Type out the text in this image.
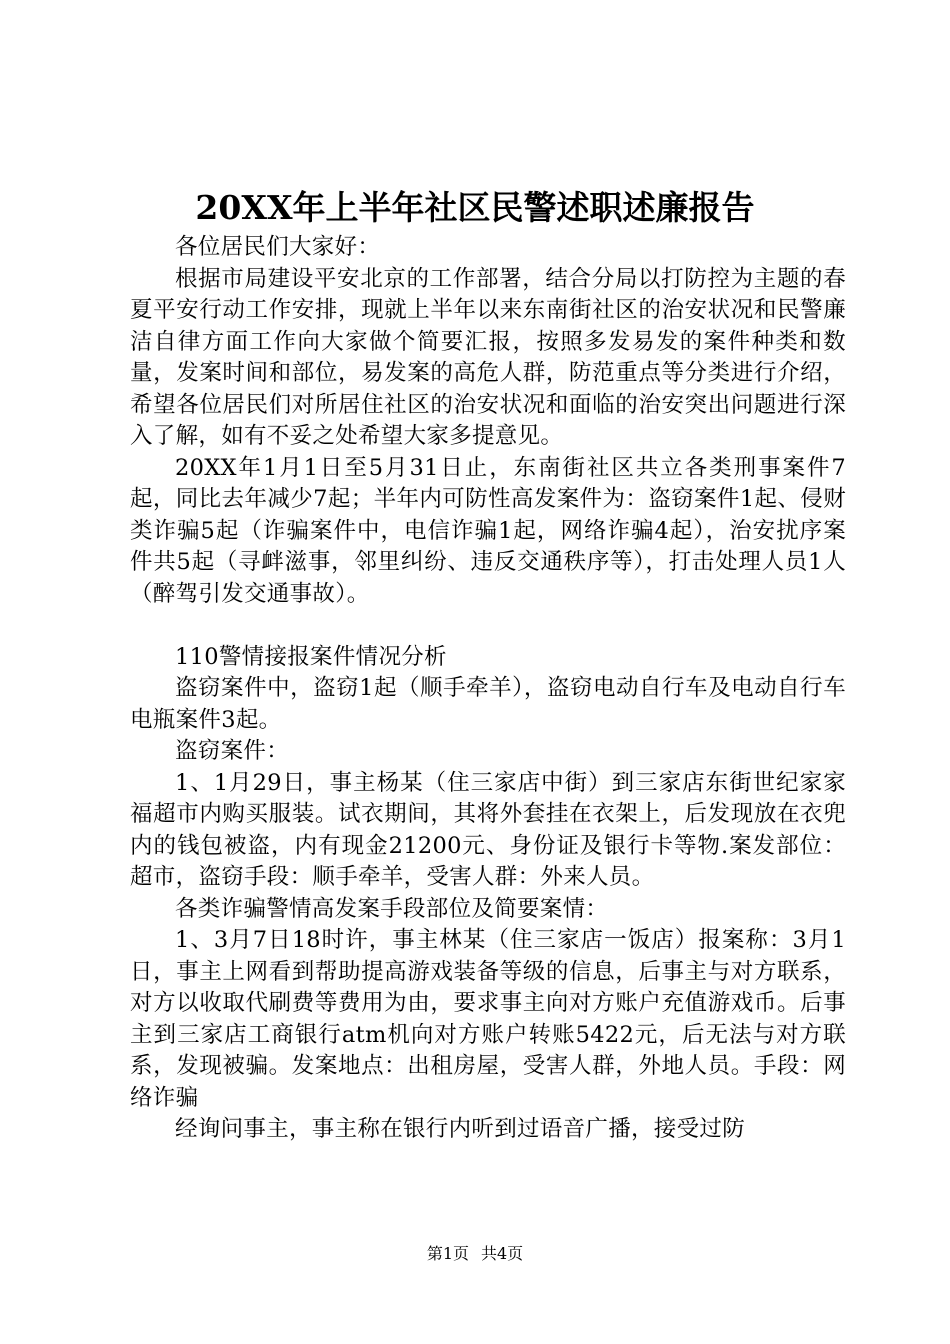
20XX年上半年社区民警述职述廉报告

各位居民们大家好：

根据市局建设平安北京的工作部署，结合分局以打防控为主题的春夏平安行动工作安排，现就上半年以来东南街社区的治安状况和民警廉洁自律方面工作向大家做个简要汇报，按照多发易发的案件种类和数量，发案时间和部位，易发案的高危人群，防范重点等分类进行介绍，希望各位居民们对所居住社区的治安状况和面临的治安突出问题进行深入了解，如有不妥之处希望大家多提意见。

20XX年1月1日至5月31日止，东南街社区共立各类刑事案件7起，同比去年减少7起；半年内可防性高发案件为：盗窃案件1起、侵财类诈骗5起（诈骗案件中，电信诈骗1起，网络诈骗4起），治安扰序案件共5起（寻衅滋事，邻里纠纷、违反交通秩序等），打击处理人员1人（醉驾引发交通事故）。

110警情接报案件情况分析

盗窃案件中，盗窃1起（顺手牵羊），盗窃电动自行车及电动自行车电瓶案件3起。

盗窃案件：

1、1月29日，事主杨某（住三家店中街）到三家店东街世纪家家福超市内购买服装。试衣期间，其将外套挂在衣架上，后发现放在衣兜内的钱包被盗，内有现金21200元、身份证及银行卡等物.案发部位：超市，盗窃手段：顺手牵羊，受害人群：外来人员。

各类诈骗警情高发案手段部位及简要案情：

1、3月7日18时许，事主林某（住三家店一饭店）报案称：3月1日，事主上网看到帮助提高游戏装备等级的信息，后事主与对方联系，对方以收取代刷费等费用为由，要求事主向对方账户充值游戏币。后事主到三家店工商银行atm机向对方账户转账5422元，后无法与对方联系，发现被骗。发案地点：出租房屋，受害人群，外地人员。手段：网络诈骗

经询问事主，事主称在银行内听到过语音广播，接受过防

第1页 共4页
